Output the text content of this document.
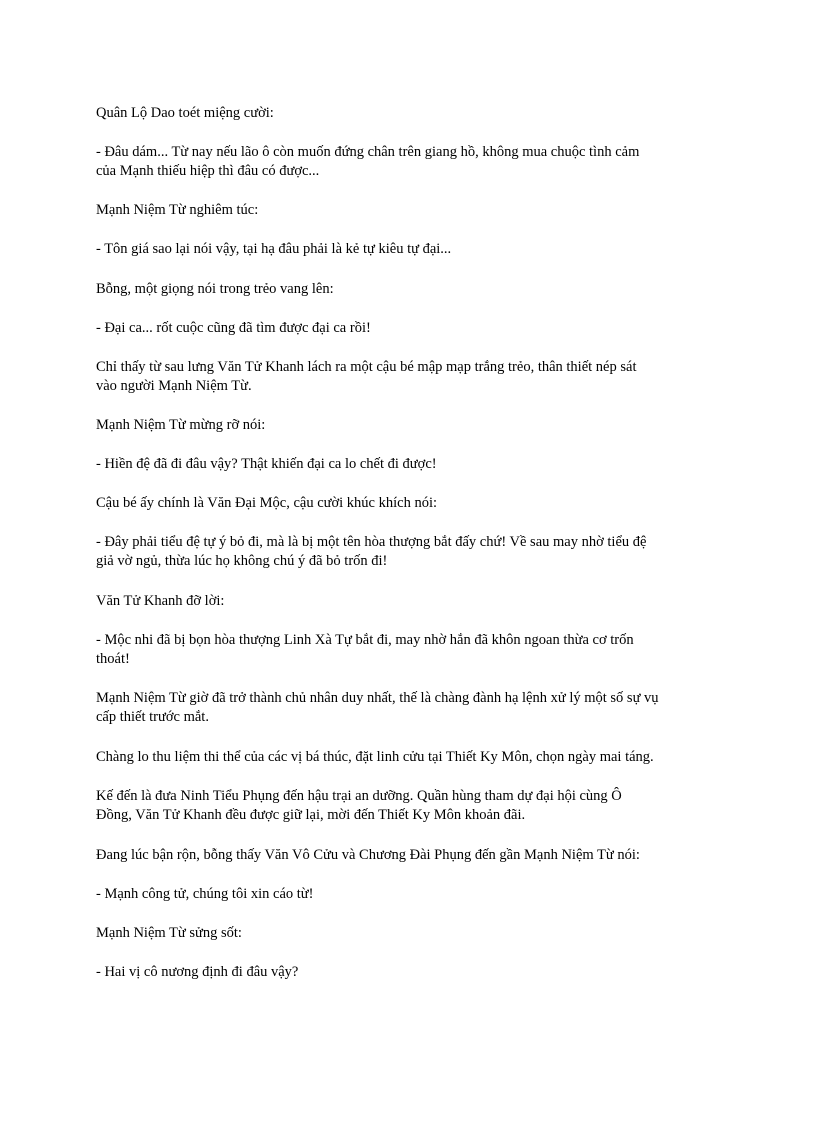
Quân Lộ Dao toét miệng cười:

- Đâu dám... Từ nay nếu lão ô còn muốn đứng chân trên giang hồ, không mua chuộc tình cảm
của Mạnh thiếu hiệp thì đâu có được...

Mạnh Niệm Từ nghiêm túc:

- Tôn giá sao lại nói vậy, tại hạ đâu phải là kẻ tự kiêu tự đại...

Bỗng, một giọng nói trong trẻo vang lên:

- Đại ca... rốt cuộc cũng đã tìm được đại ca rồi!

Chỉ thấy từ sau lưng Văn Tử Khanh lách ra một cậu bé mập mạp trắng trẻo, thân thiết nép sát
vào người Mạnh Niệm Từ.

Mạnh Niệm Từ mừng rỡ nói:

- Hiền đệ đã đi đâu vậy? Thật khiến đại ca lo chết đi được!

Cậu bé ấy chính là Văn Đại Mộc, cậu cười khúc khích nói:

- Đây phải tiểu đệ tự ý bỏ đi, mà là bị một tên hòa thượng bắt đấy chứ! Về sau may nhờ tiểu đệ
giả vờ ngủ, thừa lúc họ không chú ý đã bỏ trốn đi!

Văn Tử Khanh đỡ lời:

- Mộc nhi đã bị bọn hòa thượng Linh Xà Tự bắt đi, may nhờ hắn đã khôn ngoan thừa cơ trốn
thoát!

Mạnh Niệm Từ giờ đã trở thành chủ nhân duy nhất, thế là chàng đành hạ lệnh xử lý một số sự vụ
cấp thiết trước mắt.

Chàng lo thu liệm thi thể của các vị bá thúc, đặt linh cửu tại Thiết Ky Môn, chọn ngày mai táng.

Kế đến là đưa Ninh Tiểu Phụng đến hậu trại an dưỡng. Quần hùng tham dự đại hội cùng Ô
Đồng, Văn Tử Khanh đều được giữ lại, mời đến Thiết Ky Môn khoản đãi.

Đang lúc bận rộn, bỗng thấy Văn Vô Cửu và Chương Đài Phụng đến gần Mạnh Niệm Từ nói:

- Mạnh công tử, chúng tôi xin cáo từ!

Mạnh Niệm Từ sửng sốt:

- Hai vị cô nương định đi đâu vậy?
